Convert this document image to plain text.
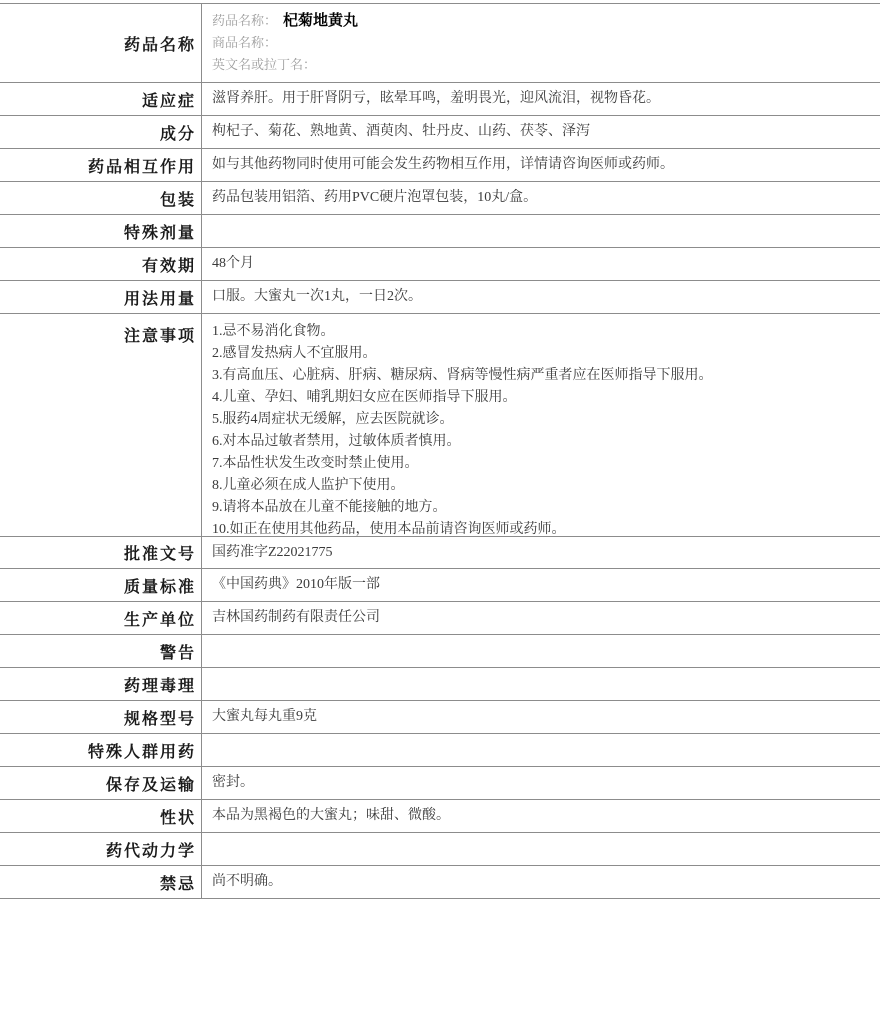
药品名称
药品名称： 杞菊地黄丸
商品名称：
英文名或拉丁名：
适应症	滋肾养肝。用于肝肾阴亏，眩晕耳鸣，羞明畏光，迎风流泪，视物昏花。
成分	枸杞子、菊花、熟地黄、酒萸肉、牡丹皮、山药、茯苓、泽泻
药品相互作用	如与其他药物同时使用可能会发生药物相互作用，详情请咨询医师或药师。
包装	药品包装用铝箔、药用PVC硬片泡罩包装，10丸/盒。
特殊剂量
有效期	48个月
用法用量	口服。大蜜丸一次1丸，一日2次。
注意事项	1.忌不易消化食物。
2.感冒发热病人不宜服用。
3.有高血压、心脏病、肝病、糖尿病、肾病等慢性病严重者应在医师指导下服用。
4.儿童、孕妇、哺乳期妇女应在医师指导下服用。
5.服药4周症状无缓解，应去医院就诊。
6.对本品过敏者禁用，过敏体质者慎用。
7.本品性状发生改变时禁止使用。
8.儿童必须在成人监护下使用。
9.请将本品放在儿童不能接触的地方。
10.如正在使用其他药品，使用本品前请咨询医师或药师。
批准文号	国药准字Z22021775
质量标准	《中国药典》2010年版一部
生产单位	吉林国药制药有限责任公司
警告
药理毒理
规格型号	大蜜丸每丸重9克
特殊人群用药
保存及运输	密封。
性状	本品为黑褐色的大蜜丸；味甜、微酸。
药代动力学
禁忌	尚不明确。
